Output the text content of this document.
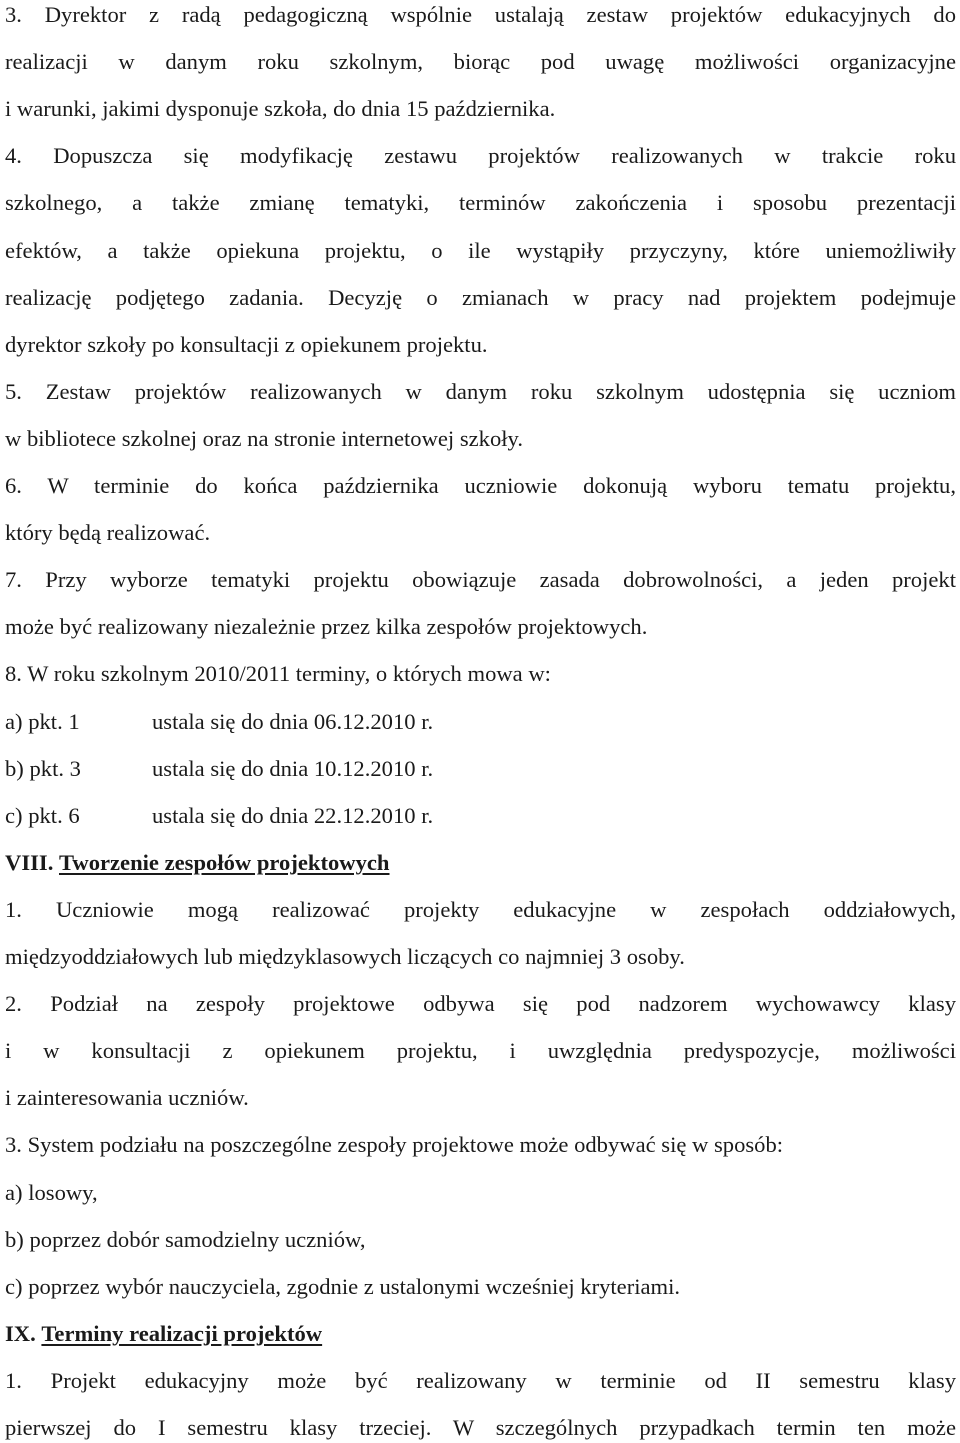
3. Dyrektor z radą pedagogiczną wspólnie ustalają zestaw projektów edukacyjnych do
realizacji w danym roku szkolnym, biorąc pod uwagę możliwości organizacyjne
i warunki, jakimi dysponuje szkoła, do dnia 15 października.
4. Dopuszcza się modyfikację zestawu projektów realizowanych w trakcie roku
szkolnego, a także zmianę tematyki, terminów zakończenia i sposobu prezentacji
efektów, a także opiekuna projektu, o ile wystąpiły przyczyny, które uniemożliwiły
realizację podjętego zadania. Decyzję o zmianach w pracy nad projektem podejmuje
dyrektor szkoły po konsultacji z opiekunem projektu.
5. Zestaw projektów realizowanych w danym roku szkolnym udostępnia się uczniom
w bibliotece szkolnej oraz na stronie internetowej szkoły.
6. W terminie do końca października uczniowie dokonują wyboru tematu projektu,
który będą realizować.
7. Przy wyborze tematyki projektu obowiązuje zasada dobrowolności, a jeden projekt
może być realizowany niezależnie przez kilka zespołów projektowych.
8. W roku szkolnym 2010/2011 terminy, o których mowa w:
a) pkt. 1	ustala się do dnia 06.12.2010 r.
b) pkt. 3	ustala się do dnia 10.12.2010 r.
c) pkt. 6	ustala się do dnia 22.12.2010 r.
VIII. Tworzenie zespołów projektowych
1. Uczniowie mogą realizować projekty edukacyjne w zespołach oddziałowych,
międzyoddziałowych lub międzyklasowych liczących co najmniej 3 osoby.
2. Podział na zespoły projektowe odbywa się pod nadzorem wychowawcy klasy
i w konsultacji z opiekunem projektu, i uwzględnia predyspozycje, możliwości
i zainteresowania uczniów.
3. System podziału na poszczególne zespoły projektowe może odbywać się w sposób:
a) losowy,
b) poprzez dobór samodzielny uczniów,
c) poprzez wybór nauczyciela, zgodnie z ustalonymi wcześniej kryteriami.
IX. Terminy realizacji projektów
1. Projekt edukacyjny może być realizowany w terminie od II semestru klasy
pierwszej do I semestru klasy trzeciej. W szczególnych przypadkach termin ten może
